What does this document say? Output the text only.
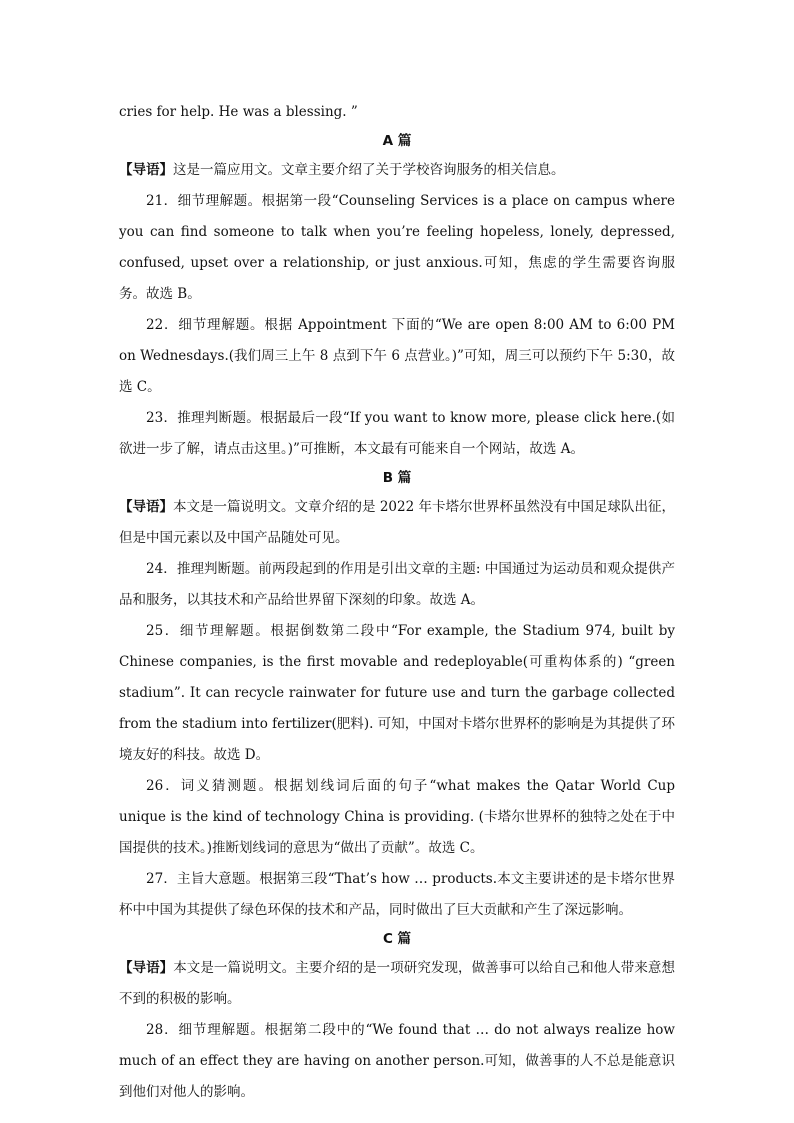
cries for help. He was a blessing. ”

A 篇

【导语】这是一篇应用文。文章主要介绍了关于学校咨询服务的相关信息。

21．细节理解题。根据第一段“Counseling Services is a place on campus where you can find someone to talk when you’re feeling hopeless, lonely, depressed, confused, upset over a relationship, or just anxious.可知，焦虑的学生需要咨询服务。故选 B。

22．细节理解题。根据 Appointment 下面的“We are open 8:00 AM to 6:00 PM on Wednesdays.(我们周三上午 8 点到下午 6 点营业。)”可知，周三可以预约下午 5:30，故选 C。

23．推理判断题。根据最后一段“If you want to know more, please click here.(如欲进一步了解，请点击这里。)”可推断，本文最有可能来自一个网站，故选 A。

B 篇

【导语】本文是一篇说明文。文章介绍的是 2022 年卡塔尔世界杯虽然没有中国足球队出征，但是中国元素以及中国产品随处可见。

24．推理判断题。前两段起到的作用是引出文章的主题: 中国通过为运动员和观众提供产品和服务，以其技术和产品给世界留下深刻的印象。故选 A。

25．细节理解题。根据倒数第二段中“For example, the Stadium 974, built by Chinese companies, is the first movable and redeployable(可重构体系的) “green stadium”. It can recycle rainwater for future use and turn the garbage collected from the stadium into fertilizer(肥料). 可知，中国对卡塔尔世界杯的影响是为其提供了环境友好的科技。故选 D。

26．词义猜测题。根据划线词后面的句子“what makes the Qatar World Cup unique is the kind of technology China is providing. (卡塔尔世界杯的独特之处在于中国提供的技术。)推断划线词的意思为“做出了贡献”。故选 C。

27．主旨大意题。根据第三段“That’s how … products.本文主要讲述的是卡塔尔世界杯中中国为其提供了绿色环保的技术和产品，同时做出了巨大贡献和产生了深远影响。

C 篇

【导语】本文是一篇说明文。主要介绍的是一项研究发现，做善事可以给自己和他人带来意想不到的积极的影响。

28．细节理解题。根据第二段中的“We found that … do not always realize how much of an effect they are having on another person.可知，做善事的人不总是能意识到他们对他人的影响。
